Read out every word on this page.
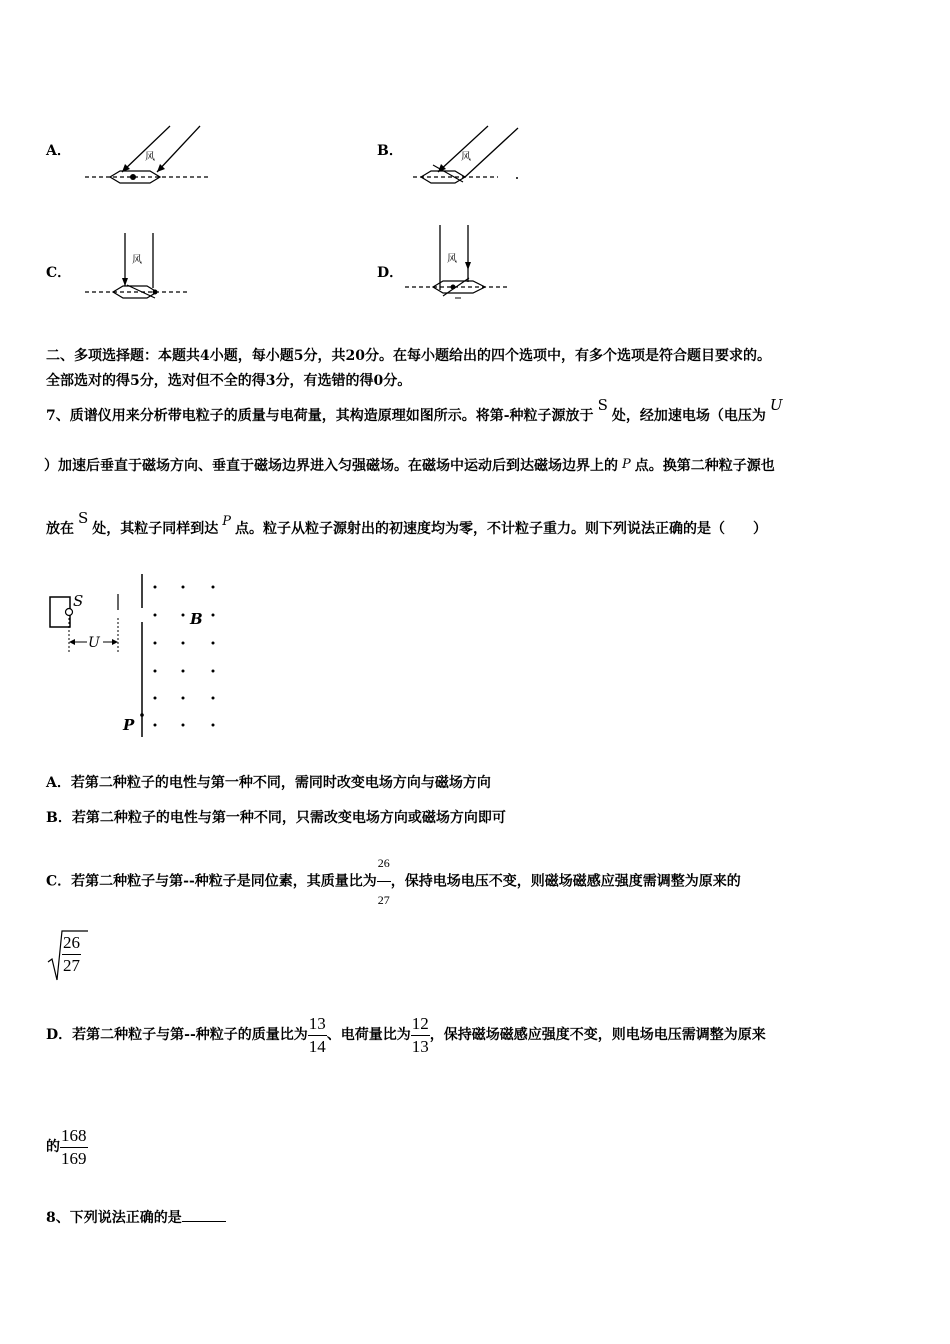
A．	风	B．	风
C．
风
D．
风
二、多项选择题：本题共4小题，每小题5分，共20分。在每小题给出的四个选项中，有多个选项是符合题目要求的。
全部选对的得5分，选对但不全的得3分，有选错的得0分。
7、质谱仪用来分析带电粒子的质量与电荷量，其构造原理如图所示。将第-种粒子源放于S处，经加速电场（电压为U
）加速后垂直于磁场方向、垂直于磁场边界进入匀强磁场。在磁场中运动后到达磁场边界上的 P 点。换第二种粒子源也
放在S处，其粒子同样到达 P 点。粒子从粒子源射出的初速度均为零，不计粒子重力。则下列说法正确的是（　　）
S
U
B
P
A．若第二种粒子的电性与第一种不同，需同时改变电场方向与磁场方向
B．若第二种粒子的电性与第一种不同，只需改变电场方向或磁场方向即可
C．若第二种粒子与第--种粒子是同位素，其质量比为 $\frac{26}{27}$ ，保持电场电压不变，则磁场磁感应强度需调整为原来的
$\frac{26}{27}$
D．若第二种粒子与第--种粒子的质量比为 $\frac{13}{14}$ 、电荷量比为 $\frac{12}{13}$ ，保持磁场磁感应强度不变，则电场电压需调整为原来
的 $\frac{168}{169}$
8、下列说法正确的是
